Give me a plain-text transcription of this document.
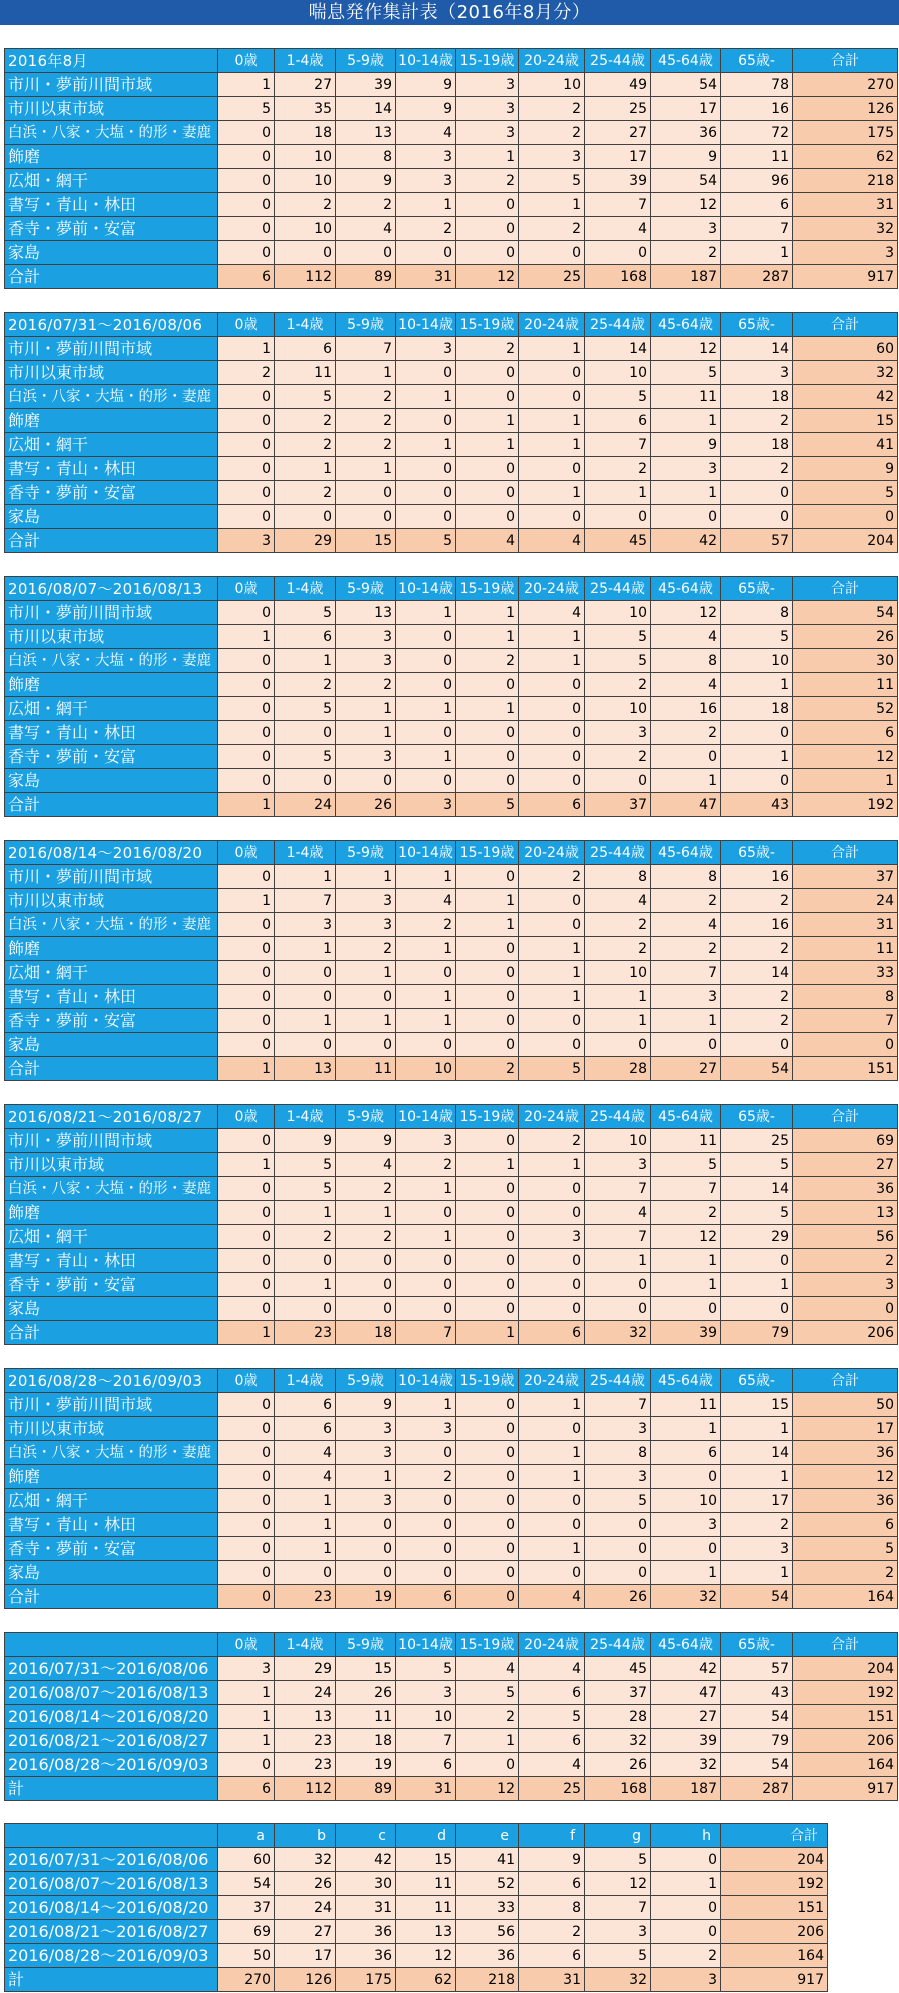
喘息発作集計表（2016年8月分）
2016年8月	0歳	1-4歳	5-9歳	10-14歳	15-19歳	20-24歳	25-44歳	45-64歳	65歳-	合計
市川・夢前川間市域	1	27	39	9	3	10	49	54	78	270
市川以東市域	5	35	14	9	3	2	25	17	16	126
白浜・八家・大塩・的形・妻鹿	0	18	13	4	3	2	27	36	72	175
飾磨	0	10	8	3	1	3	17	9	11	62
広畑・網干	0	10	9	3	2	5	39	54	96	218
書写・青山・林田	0	2	2	1	0	1	7	12	6	31
香寺・夢前・安富	0	10	4	2	0	2	4	3	7	32
家島	0	0	0	0	0	0	0	2	1	3
合計	6	112	89	31	12	25	168	187	287	917
2016/07/31～2016/08/06	0歳	1-4歳	5-9歳	10-14歳	15-19歳	20-24歳	25-44歳	45-64歳	65歳-	合計
市川・夢前川間市域	1	6	7	3	2	1	14	12	14	60
市川以東市域	2	11	1	0	0	0	10	5	3	32
白浜・八家・大塩・的形・妻鹿	0	5	2	1	0	0	5	11	18	42
飾磨	0	2	2	0	1	1	6	1	2	15
広畑・網干	0	2	2	1	1	1	7	9	18	41
書写・青山・林田	0	1	1	0	0	0	2	3	2	9
香寺・夢前・安富	0	2	0	0	0	1	1	1	0	5
家島	0	0	0	0	0	0	0	0	0	0
合計	3	29	15	5	4	4	45	42	57	204
2016/08/07～2016/08/13	0歳	1-4歳	5-9歳	10-14歳	15-19歳	20-24歳	25-44歳	45-64歳	65歳-	合計
市川・夢前川間市域	0	5	13	1	1	4	10	12	8	54
市川以東市域	1	6	3	0	1	1	5	4	5	26
白浜・八家・大塩・的形・妻鹿	0	1	3	0	2	1	5	8	10	30
飾磨	0	2	2	0	0	0	2	4	1	11
広畑・網干	0	5	1	1	1	0	10	16	18	52
書写・青山・林田	0	0	1	0	0	0	3	2	0	6
香寺・夢前・安富	0	5	3	1	0	0	2	0	1	12
家島	0	0	0	0	0	0	0	1	0	1
合計	1	24	26	3	5	6	37	47	43	192
2016/08/14～2016/08/20	0歳	1-4歳	5-9歳	10-14歳	15-19歳	20-24歳	25-44歳	45-64歳	65歳-	合計
市川・夢前川間市域	0	1	1	1	0	2	8	8	16	37
市川以東市域	1	7	3	4	1	0	4	2	2	24
白浜・八家・大塩・的形・妻鹿	0	3	3	2	1	0	2	4	16	31
飾磨	0	1	2	1	0	1	2	2	2	11
広畑・網干	0	0	1	0	0	1	10	7	14	33
書写・青山・林田	0	0	0	1	0	1	1	3	2	8
香寺・夢前・安富	0	1	1	1	0	0	1	1	2	7
家島	0	0	0	0	0	0	0	0	0	0
合計	1	13	11	10	2	5	28	27	54	151
2016/08/21～2016/08/27	0歳	1-4歳	5-9歳	10-14歳	15-19歳	20-24歳	25-44歳	45-64歳	65歳-	合計
市川・夢前川間市域	0	9	9	3	0	2	10	11	25	69
市川以東市域	1	5	4	2	1	1	3	5	5	27
白浜・八家・大塩・的形・妻鹿	0	5	2	1	0	0	7	7	14	36
飾磨	0	1	1	0	0	0	4	2	5	13
広畑・網干	0	2	2	1	0	3	7	12	29	56
書写・青山・林田	0	0	0	0	0	0	1	1	0	2
香寺・夢前・安富	0	1	0	0	0	0	0	1	1	3
家島	0	0	0	0	0	0	0	0	0	0
合計	1	23	18	7	1	6	32	39	79	206
2016/08/28～2016/09/03	0歳	1-4歳	5-9歳	10-14歳	15-19歳	20-24歳	25-44歳	45-64歳	65歳-	合計
市川・夢前川間市域	0	6	9	1	0	1	7	11	15	50
市川以東市域	0	6	3	3	0	0	3	1	1	17
白浜・八家・大塩・的形・妻鹿	0	4	3	0	0	1	8	6	14	36
飾磨	0	4	1	2	0	1	3	0	1	12
広畑・網干	0	1	3	0	0	0	5	10	17	36
書写・青山・林田	0	1	0	0	0	0	0	3	2	6
香寺・夢前・安富	0	1	0	0	0	1	0	0	3	5
家島	0	0	0	0	0	0	0	1	1	2
合計	0	23	19	6	0	4	26	32	54	164
	0歳	1-4歳	5-9歳	10-14歳	15-19歳	20-24歳	25-44歳	45-64歳	65歳-	合計
2016/07/31～2016/08/06	3	29	15	5	4	4	45	42	57	204
2016/08/07～2016/08/13	1	24	26	3	5	6	37	47	43	192
2016/08/14～2016/08/20	1	13	11	10	2	5	28	27	54	151
2016/08/21～2016/08/27	1	23	18	7	1	6	32	39	79	206
2016/08/28～2016/09/03	0	23	19	6	0	4	26	32	54	164
計	6	112	89	31	12	25	168	187	287	917
	a	b	c	d	e	f	g	h	合計
2016/07/31～2016/08/06	60	32	42	15	41	9	5	0	204
2016/08/07～2016/08/13	54	26	30	11	52	6	12	1	192
2016/08/14～2016/08/20	37	24	31	11	33	8	7	0	151
2016/08/21～2016/08/27	69	27	36	13	56	2	3	0	206
2016/08/28～2016/09/03	50	17	36	12	36	6	5	2	164
計	270	126	175	62	218	31	32	3	917
